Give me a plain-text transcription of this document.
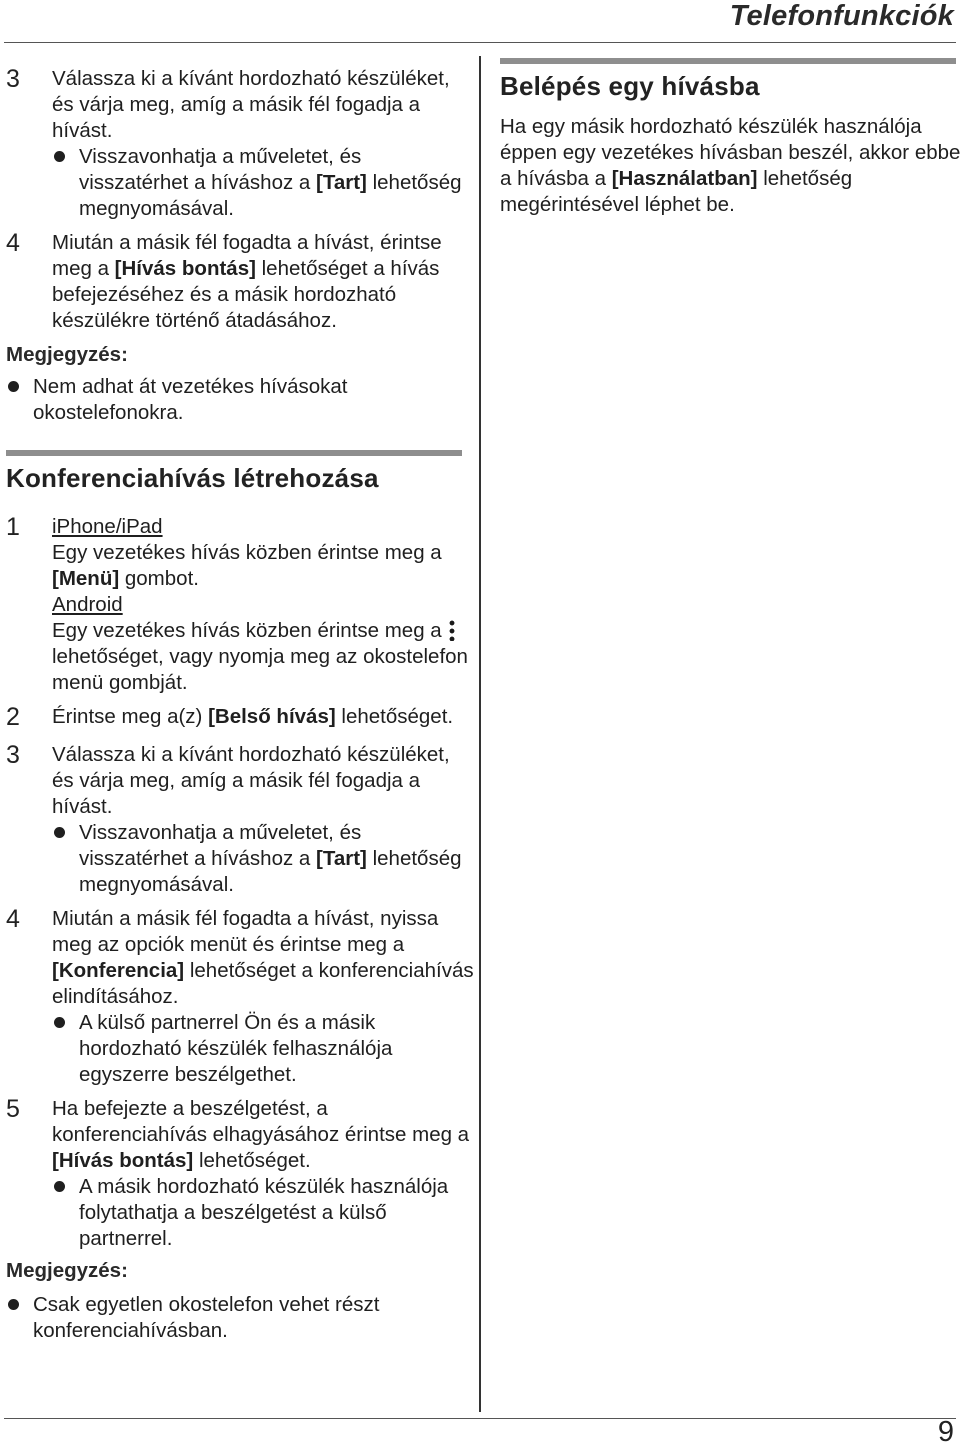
Telefonfunkciók
3 Válassza ki a kívánt hordozható készüléket,
és várja meg, amíg a másik fél fogadja a
hívást.
Visszavonhatja a műveletet, és
visszatérhet a híváshoz a [Tart] lehetőség
megnyomásával.
4 Miután a másik fél fogadta a hívást, érintse
meg a [Hívás bontás] lehetőséget a hívás
befejezéséhez és a másik hordozható
készülékre történő átadásához.
Megjegyzés:
Nem adhat át vezetékes hívásokat
okostelefonokra.
Konferenciahívás létrehozása
1 iPhone/iPad
Egy vezetékes hívás közben érintse meg a
[Menü] gombot.
Android
Egy vezetékes hívás közben érintse meg a
lehetőséget, vagy nyomja meg az okostelefon
menü gombját.
2 Érintse meg a(z) [Belső hívás] lehetőséget.
3 Válassza ki a kívánt hordozható készüléket,
és várja meg, amíg a másik fél fogadja a
hívást.
Visszavonhatja a műveletet, és
visszatérhet a híváshoz a [Tart] lehetőség
megnyomásával.
4 Miután a másik fél fogadta a hívást, nyissa
meg az opciók menüt és érintse meg a
[Konferencia] lehetőséget a konferenciahívás
elindításához.
A külső partnerrel Ön és a másik
hordozható készülék felhasználója
egyszerre beszélgethet.
5 Ha befejezte a beszélgetést, a
konferenciahívás elhagyásához érintse meg a
[Hívás bontás] lehetőséget.
A másik hordozható készülék használója
folytathatja a beszélgetést a külső
partnerrel.
Megjegyzés:
Csak egyetlen okostelefon vehet részt
konferenciahívásban.
Belépés egy hívásba
Ha egy másik hordozható készülék használója
éppen egy vezetékes hívásban beszél, akkor ebbe
a hívásba a [Használatban] lehetőség
megérintésével léphet be.
9
